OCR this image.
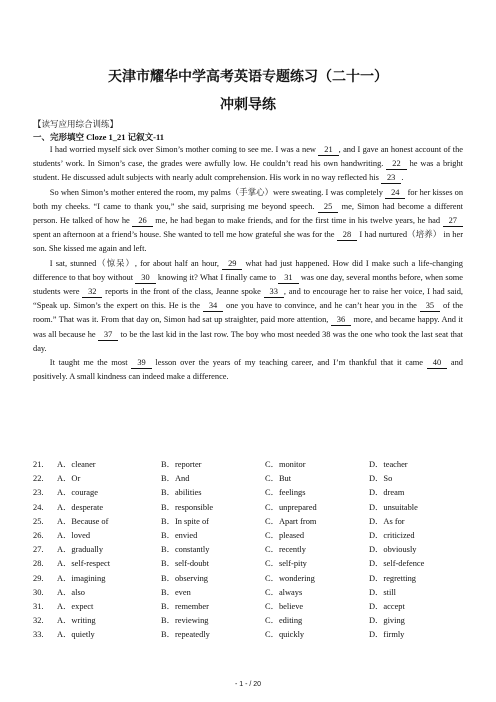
天津市耀华中学高考英语专题练习（二十一）
冲刺导练
【读写应用综合训练】
一、完形填空 Cloze 1_21 记叙文-11

I had worried myself sick over Simon’s mother coming to see me. I was a new 21 , and I gave an honest account of the students’ work. In Simon’s case, the grades were awfully low. He couldn’t read his own handwriting. 22 he was a bright student. He discussed adult subjects with nearly adult comprehension. His work in no way reflected his 23 .

So when Simon’s mother entered the room, my palms（手掌心）were sweating. I was completely 24 for her kisses on both my cheeks. “I came to thank you,” she said, surprising me beyond speech. 25 me, Simon had become a different person. He talked of how he 26 me, he had began to make friends, and for the first time in his twelve years, he had 27 spent an afternoon at a friend’s house. She wanted to tell me how grateful she was for the 28 I had nurtured（培养） in her son. She kissed me again and left.

I sat, stunned（惊呆）, for about half an hour, 29 what had just happened. How did I make such a life-changing difference to that boy without 30 knowing it? What I finally came to 31 was one day, several months before, when some students were 32 reports in the front of the class, Jeanne spoke 33 , and to encourage her to raise her voice, I had said, “Speak up. Simon’s the expert on this. He is the 34 one you have to convince, and he can’t hear you in the 35 of the room.” That was it. From that day on, Simon had sat up straighter, paid more attention, 36 more, and became happy. And it was all because he 37 to be the last kid in the last row. The boy who most needed 38 was the one who took the last seat that day.

It taught me the most 39 lesson over the years of my teaching career, and I’m thankful that it came 40 and positively. A small kindness can indeed make a difference.

21.	A．cleaner	B．reporter	C．monitor	D．teacher
22.	A．Or	B．And	C．But	D．So
23.	A．courage	B．abilities	C．feelings	D．dream
24.	A．desperate	B．responsible	C．unprepared	D．unsuitable
25.	A．Because of	B．In spite of	C．Apart from	D．As for
26.	A．loved	B．envied	C．pleased	D．criticized
27.	A．gradually	B．constantly	C．recently	D．obviously
28.	A．self-respect	B．self-doubt	C．self-pity	D．self-defence
29.	A．imagining	B．observing	C．wondering	D．regretting
30.	A．also	B．even	C．always	D．still
31.	A．expect	B．remember	C．believe	D．accept
32.	A．writing	B．reviewing	C．editing	D．giving
33.	A．quietly	B．repeatedly	C．quickly	D．firmly
- 1 - / 20
